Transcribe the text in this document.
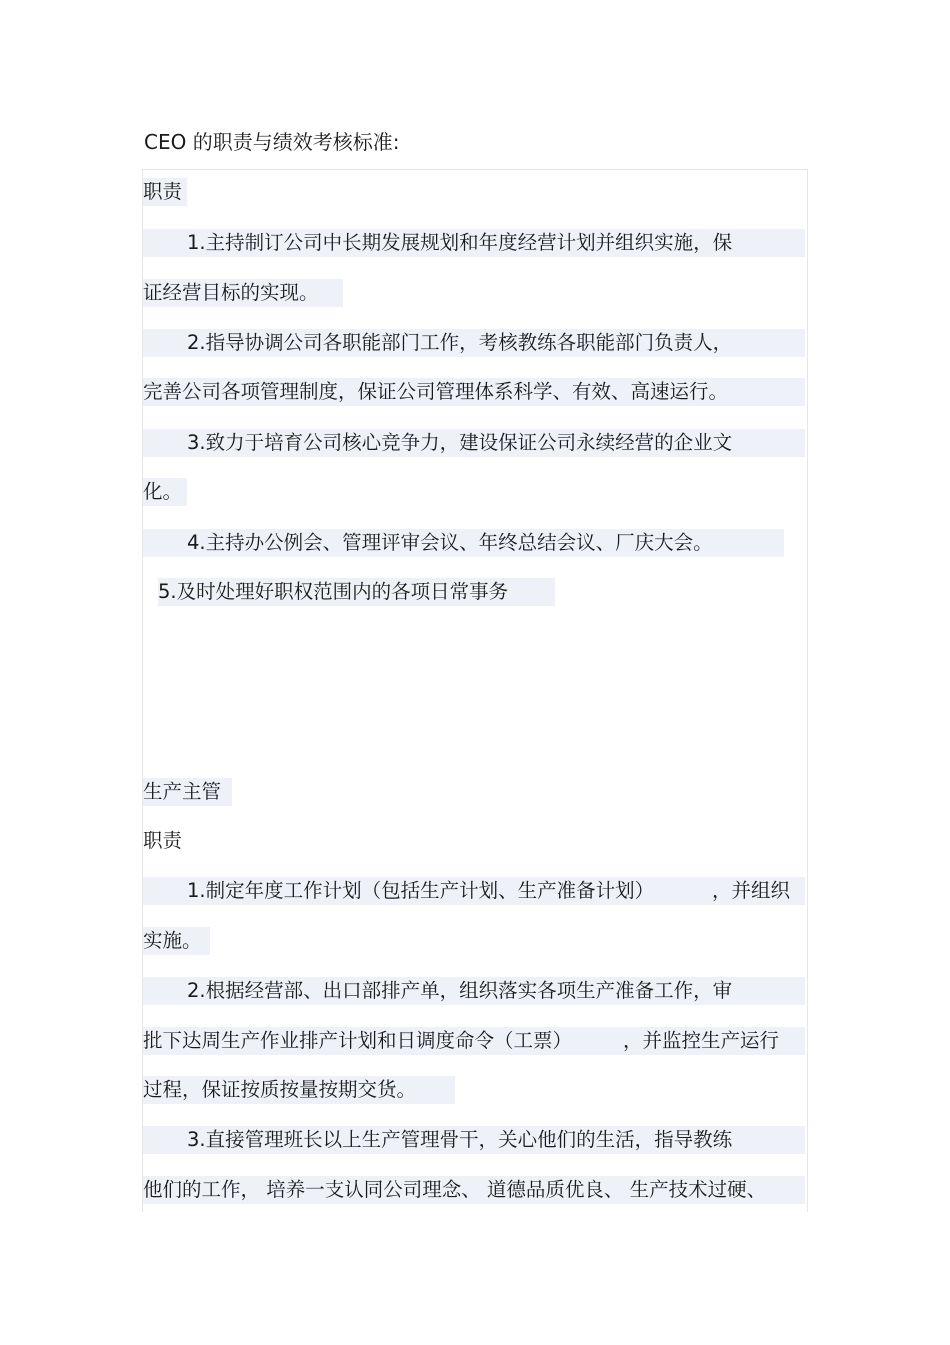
CEO 的职责与绩效考核标准:
职责
1.主持制订公司中长期发展规划和年度经营计划并组织实施，保
证经营目标的实现。
2.指导协调公司各职能部门工作，考核教练各职能部门负责人，
完善公司各项管理制度，保证公司管理体系科学、有效、高速运行。
3.致力于培育公司核心竞争力，建设保证公司永续经营的企业文
化。
4.主持办公例会、管理评审会议、年终总结会议、厂庆大会。
5.及时处理好职权范围内的各项日常事务
生产主管
职责
1.制定年度工作计划（包括生产计划、生产准备计划）	，并组织
实施。
2.根据经营部、出口部排产单，组织落实各项生产准备工作，审
批下达周生产作业排产计划和日调度命令（工票）	，并监控生产运行
过程，保证按质按量按期交货。
3.直接管理班长以上生产管理骨干，关心他们的生活，指导教练
他们的工作， 培养一支认同公司理念、 道德品质优良、 生产技术过硬、
